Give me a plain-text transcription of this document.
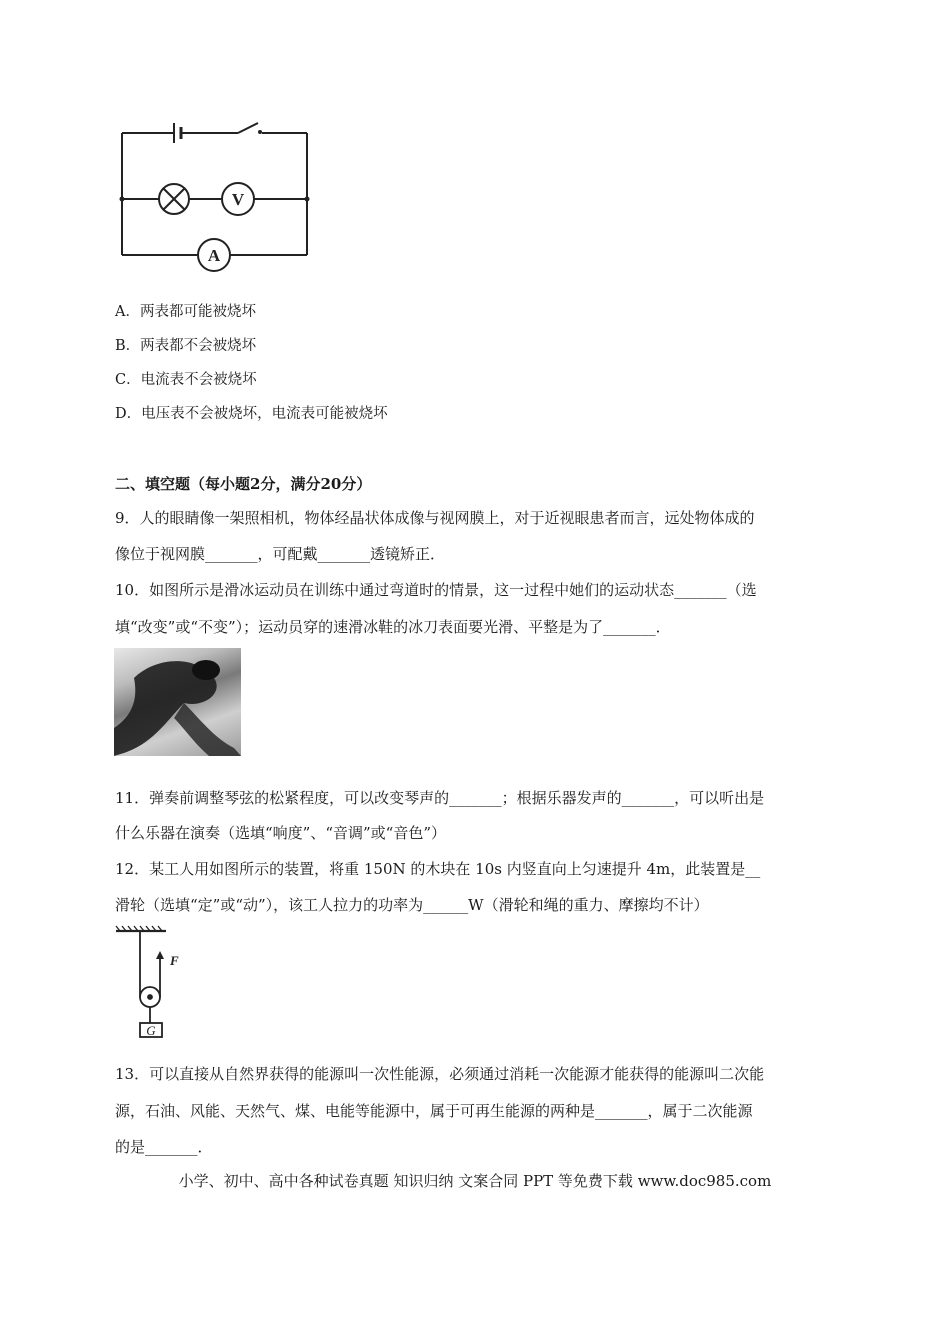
V
A
A．两表都可能被烧坏
B．两表都不会被烧坏
C．电流表不会被烧坏
D．电压表不会被烧坏，电流表可能被烧坏
二、填空题（每小题2分，满分20分）
9．人的眼睛像一架照相机，物体经晶状体成像与视网膜上，对于近视眼患者而言，远处物体成的
像位于视网膜_______，可配戴_______透镜矫正．
10．如图所示是滑冰运动员在训练中通过弯道时的情景，这一过程中她们的运动状态_______（选
填“改变”或“不变”）；运动员穿的速滑冰鞋的冰刀表面要光滑、平整是为了_______．
11．弹奏前调整琴弦的松紧程度，可以改变琴声的_______；根据乐器发声的_______，可以听出是
什么乐器在演奏（选填“响度”、“音调”或“音色”）
12．某工人用如图所示的装置，将重 150N 的木块在 10s 内竖直向上匀速提升 4m，此装置是__
滑轮（选填“定”或“动”），该工人拉力的功率为______W（滑轮和绳的重力、摩擦均不计）
F
G
13．可以直接从自然界获得的能源叫一次性能源，必须通过消耗一次能源才能获得的能源叫二次能
源，石油、风能、天然气、煤、电能等能源中，属于可再生能源的两种是_______，属于二次能源
的是_______．
小学、初中、高中各种试卷真题 知识归纳 文案合同 PPT 等免费下载 www.doc985.com
